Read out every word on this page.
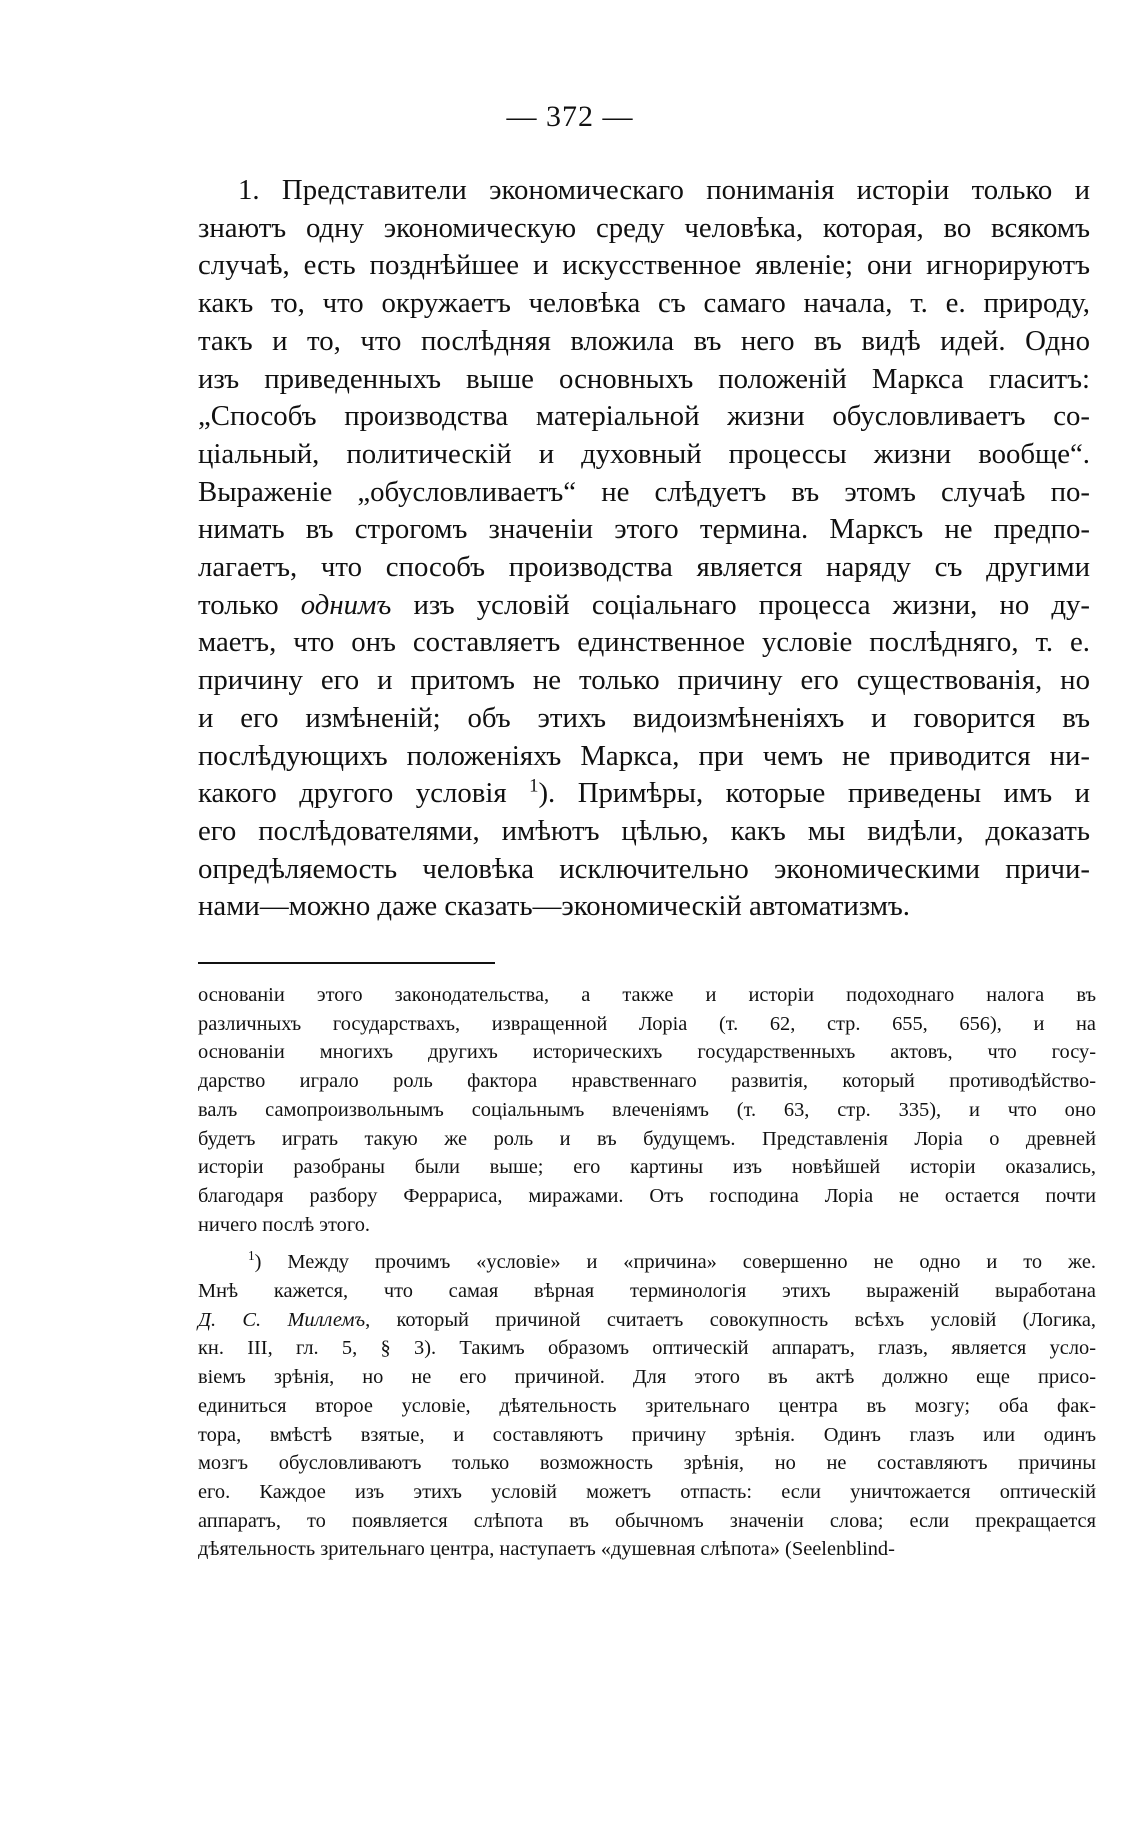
— 372 —
1. Представители экономическаго пониманія исторіи только и
знаютъ одну экономическую среду человѣка, которая, во всякомъ
случаѣ, есть позднѣйшее и искусственное явленіе; они игнорируютъ
какъ то, что окружаетъ человѣка съ самаго начала, т. е. природу,
такъ и то, что послѣдняя вложила въ него въ видѣ идей. Одно
изъ приведенныхъ выше основныхъ положеній Маркса гласитъ:
„Способъ производства матеріальной жизни обусловливаетъ со-
ціальный, политическій и духовный процессы жизни вообще“.
Выраженіе „обусловливаетъ“ не слѣдуетъ въ этомъ случаѣ по-
нимать въ строгомъ значеніи этого термина. Марксъ не предпо-
лагаетъ, что способъ производства является наряду съ другими
только однимъ изъ условій соціальнаго процесса жизни, но ду-
маетъ, что онъ составляетъ единственное условіе послѣдняго, т. е.
причину его и притомъ не только причину его существованія, но
и его измѣненій; объ этихъ видоизмѣненіяхъ и говорится въ
послѣдующихъ положеніяхъ Маркса, при чемъ не приводится ни-
какого другого условія $^1$). Примѣры, которые приведены имъ и
его послѣдователями, имѣютъ цѣлью, какъ мы видѣли, доказать
опредѣляемость человѣка исключительно экономическими причи-
нами—можно даже сказать—экономическій автоматизмъ.
основаніи этого законодательства, а также и исторіи подоходнаго налога въ
различныхъ государствахъ, извращенной Лоріа (т. 62, стр. 655, 656), и на
основаніи многихъ другихъ историческихъ государственныхъ актовъ, что госу-
дарство играло роль фактора нравственнаго развитія, который противодѣйство-
валъ самопроизвольнымъ соціальнымъ влеченіямъ (т. 63, стр. 335), и что оно
будетъ играть такую же роль и въ будущемъ. Представленія Лоріа о древней
исторіи разобраны были выше; его картины изъ новѣйшей исторіи оказались,
благодаря разбору Феррариса, миражами. Отъ господина Лоріа не остается почти
ничего послѣ этого.
$^1$) Между прочимъ «условіе» и «причина» совершенно не одно и то же.
Мнѣ кажется, что самая вѣрная терминологія этихъ выраженій выработана
Д. С. Миллемъ, который причиной считаетъ совокупность всѣхъ условій (Логика,
кн. III, гл. 5, § 3). Такимъ образомъ оптическій аппаратъ, глазъ, является усло-
віемъ зрѣнія, но не его причиной. Для этого въ актѣ должно еще присо-
единиться второе условіе, дѣятельность зрительнаго центра въ мозгу; оба фак-
тора, вмѣстѣ взятые, и составляютъ причину зрѣнія. Одинъ глазъ или одинъ
мозгъ обусловливаютъ только возможность зрѣнія, но не составляютъ причины
его. Каждое изъ этихъ условій можетъ отпасть: если уничтожается оптическій
аппаратъ, то появляется слѣпота въ обычномъ значеніи слова; если прекращается
дѣятельность зрительнаго центра, наступаетъ «душевная слѣпота» (Seelenblind-
